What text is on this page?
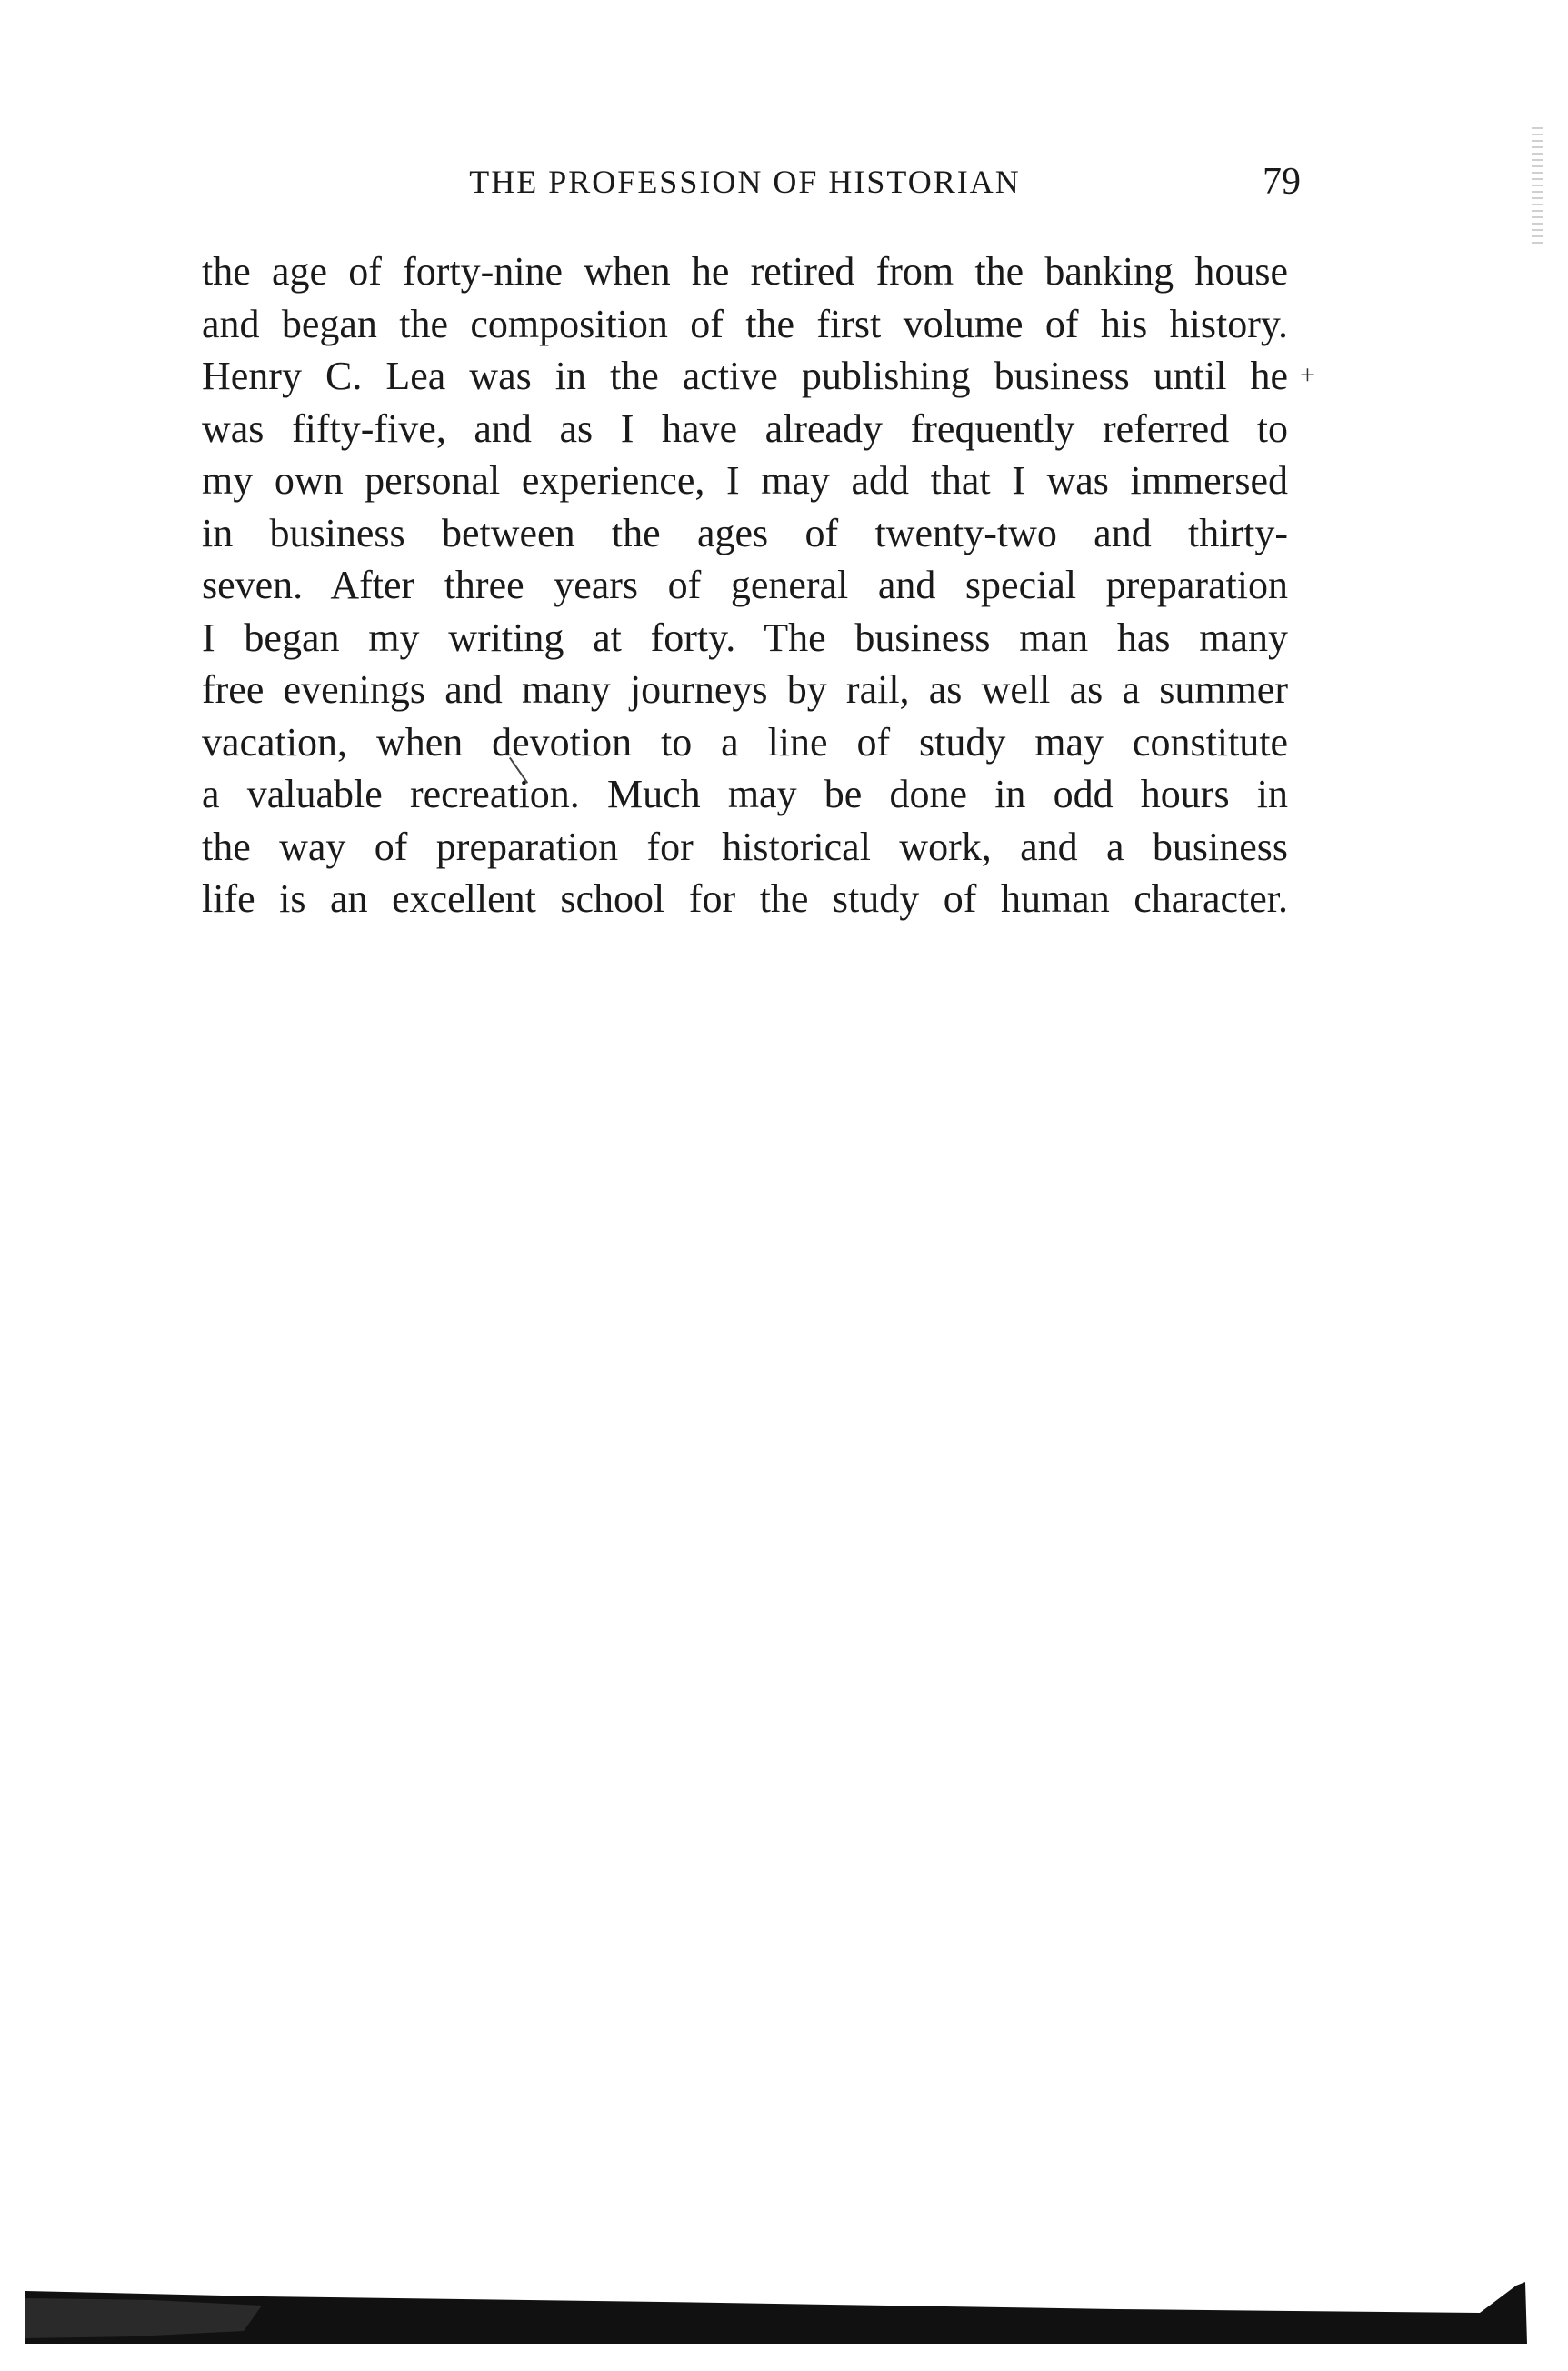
THE PROFESSION OF HISTORIAN	79
+
the age of forty-nine when he retired from the banking house
and began the composition of the first volume of his history.
Henry C. Lea was in the active publishing business until he
was fifty-five, and as I have already frequently referred to
my own personal experience, I may add that I was immersed
in business between the ages of twenty-two and thirty-
seven. After three years of general and special preparation
I began my writing at forty. The business man has many
free evenings and many journeys by rail, as well as a summer
vacation, when devotion to a line of study may constitute
a valuable recreation. Much may be done in odd hours in
the way of preparation for historical work, and a business
life is an excellent school for the study of human character.
